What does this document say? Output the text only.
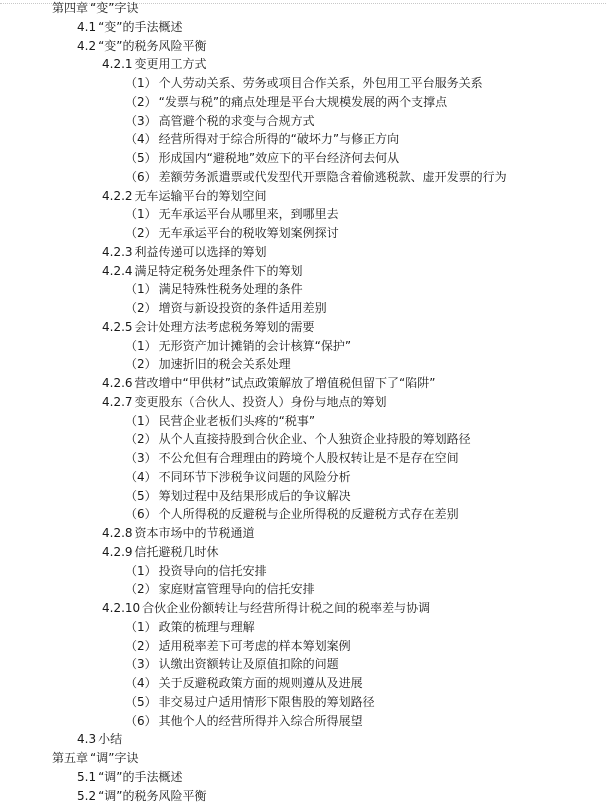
第四章 “变”字诀
4.1 “变”的手法概述
4.2 “变”的税务风险平衡
4.2.1 变更用工方式
（1） 个人劳动关系、劳务或项目合作关系，外包用工平台服务关系
（2） “发票与税”的痛点处理是平台大规模发展的两个支撑点
（3） 高管避个税的求变与合规方式
（4） 经营所得对于综合所得的“破坏力”与修正方向
（5） 形成国内“避税地”效应下的平台经济何去何从
（6） 差额劳务派遣票或代发型代开票隐含着偷逃税款、虚开发票的行为
4.2.2 无车运输平台的筹划空间
（1） 无车承运平台从哪里来，到哪里去
（2） 无车承运平台的税收筹划案例探讨
4.2.3 利益传递可以选择的筹划
4.2.4 满足特定税务处理条件下的筹划
（1） 满足特殊性税务处理的条件
（2） 增资与新设投资的条件适用差别
4.2.5 会计处理方法考虑税务筹划的需要
（1） 无形资产加计摊销的会计核算“保护”
（2） 加速折旧的税会关系处理
4.2.6 营改增中“甲供材”试点政策解放了增值税但留下了“陷阱”
4.2.7 变更股东（合伙人、投资人）身份与地点的筹划
（1） 民营企业老板们头疼的“税事”
（2） 从个人直接持股到合伙企业、个人独资企业持股的筹划路径
（3） 不公允但有合理理由的跨境个人股权转让是不是存在空间
（4） 不同环节下涉税争议问题的风险分析
（5） 筹划过程中及结果形成后的争议解决
（6） 个人所得税的反避税与企业所得税的反避税方式存在差别
4.2.8 资本市场中的节税通道
4.2.9 信托避税几时休
（1） 投资导向的信托安排
（2） 家庭财富管理导向的信托安排
4.2.10 合伙企业份额转让与经营所得计税之间的税率差与协调
（1） 政策的梳理与理解
（2） 适用税率差下可考虑的样本筹划案例
（3） 认缴出资额转让及原值扣除的问题
（4） 关于反避税政策方面的规则遵从及进展
（5） 非交易过户适用情形下限售股的筹划路径
（6） 其他个人的经营所得并入综合所得展望
4.3 小结
第五章 “调”字诀
5.1 “调”的手法概述
5.2 “调”的税务风险平衡
